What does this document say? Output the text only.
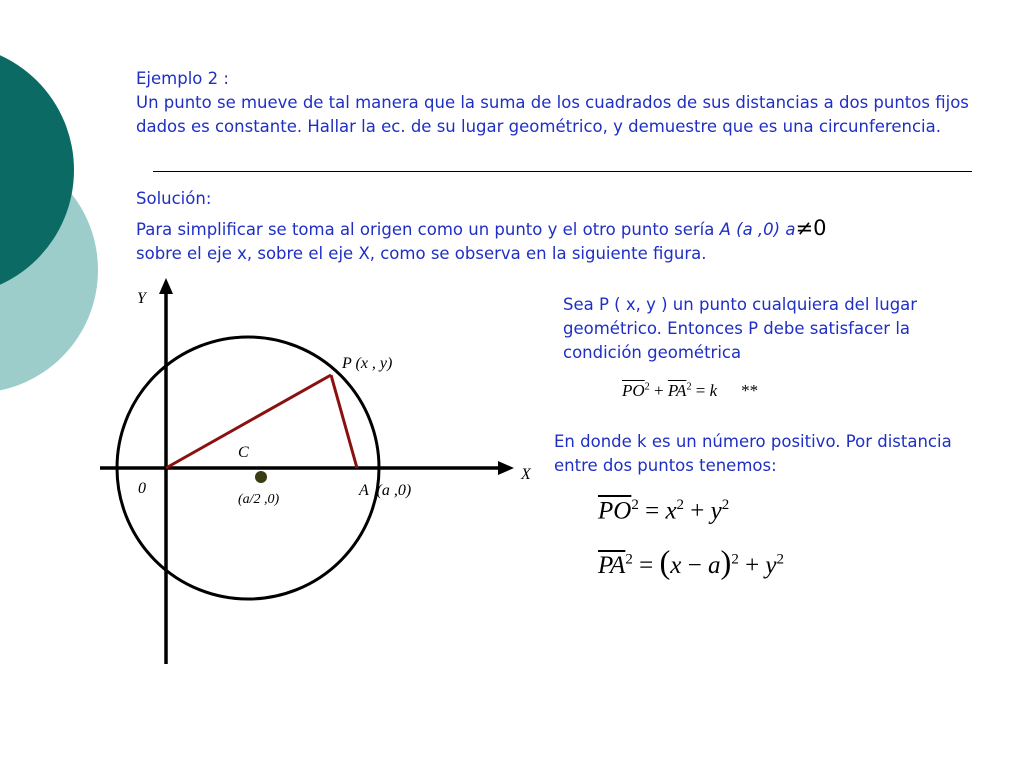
Ejemplo 2 :
Un punto se mueve de tal manera que la suma de los cuadrados de sus distancias a dos puntos fijos dados es constante. Hallar la ec. de su lugar geométrico, y demuestre que es una circunferencia.
Solución:
Para simplificar se toma al origen como un punto y el otro punto sería A (a ,0) a≠0
sobre el eje x, sobre el eje X, como se observa en la siguiente figura.
Y
X
0
P (x , y)
C
(a/2 ,0)
A  (a ,0)
Sea P ( x, y ) un punto cualquiera del lugar geométrico. Entonces P debe satisfacer la condición geométrica
$\overline{PO}^2 + \overline{PA}^2 = k$ **
En donde k es un número positivo. Por distancia entre dos puntos tenemos:
$\overline{PO}^2 = x^2 + y^2$
$\overline{PA}^2 = (x - a)^2 + y^2$
